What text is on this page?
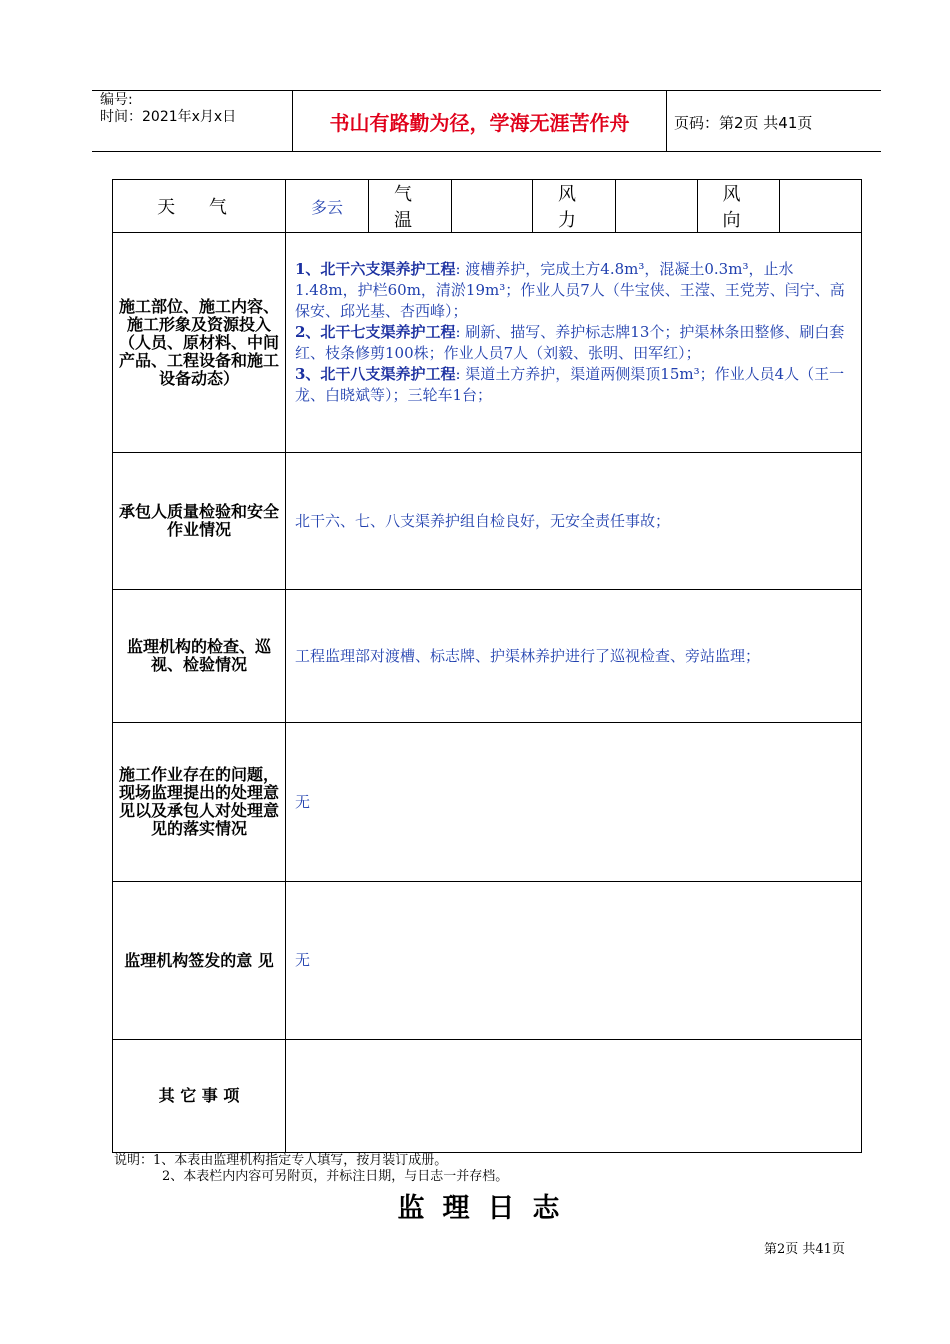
编号:
时间：2021年x月x日	书山有路勤为径，学海无涯苦作舟	页码：第2页 共41页
天 气	多云	气 温		风 力		风 向	
施工部位、施工内容、施工形象及资源投入（人员、原材料、中间产品、工程设备和施工设备动态）	1、北干六支渠养护工程: 渡槽养护，完成土方4.8m³，混凝土0.3m³，止水1.48m，护栏60m，清淤19m³；作业人员7人（牛宝侠、王滢、王党芳、闫宁、高保安、邱光基、杏西峰）；
2、北干七支渠养护工程: 刷新、描写、养护标志牌13个；护渠林条田整修、刷白套红、枝条修剪100株；作业人员7人（刘毅、张明、田军红）；
3、北干八支渠养护工程: 渠道土方养护，渠道两侧渠顶15m³；作业人员4人（王一龙、白晓斌等）；三轮车1台；						

承包人质量检验和安全作业情况	北干六、七、八支渠养护组自检良好，无安全责任事故；						
监理机构的检查、巡视、检验情况	工程监理部对渡槽、标志牌、护渠林养护进行了巡视检查、旁站监理；						
施工作业存在的问题，现场监理提出的处理意见以及承包人对处理意见的落实情况	无						
监理机构签发的意 见	无						
其 它 事 项							
说明：1、本表由监理机构指定专人填写，按月装订成册。
2、本表栏内内容可另附页，并标注日期，与日志一并存档。
监理日志
第2页 共41页
